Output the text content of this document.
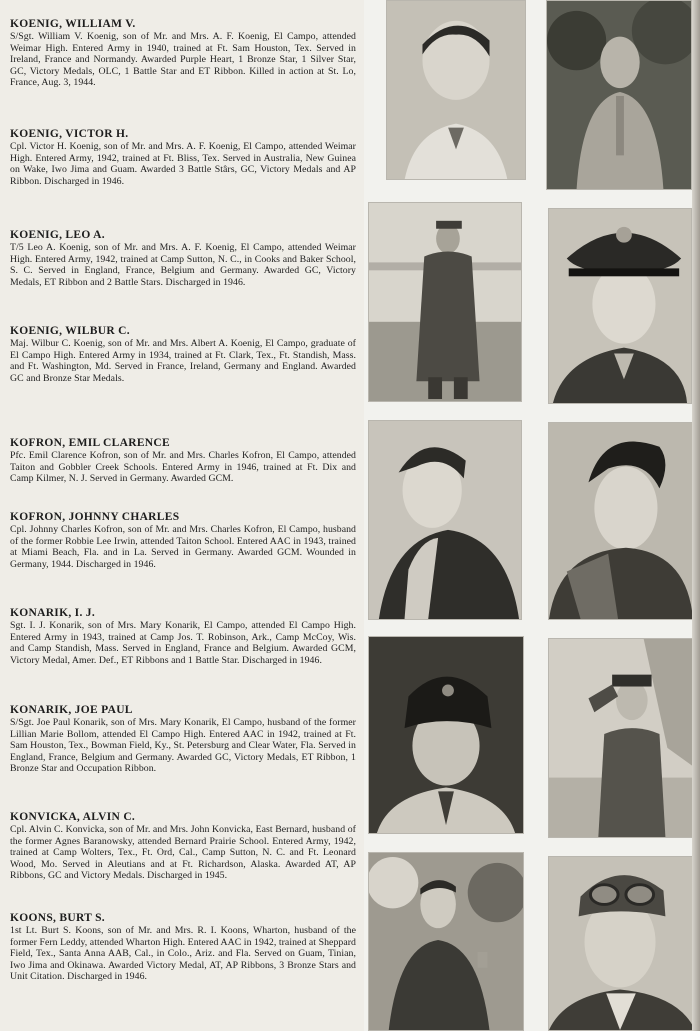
KOENIG, WILLIAM V.

S/Sgt. William V. Koenig, son of Mr. and Mrs. A. F. Koenig, El Campo, attended Weimar High. Entered Army in 1940, trained at Ft. Sam Houston, Tex. Served in Ireland, France and Normandy. Awarded Purple Heart, 1 Bronze Star, 1 Silver Star, GC, Victory Medals, OLC, 1 Battle Star and ET Ribbon. Killed in action at St. Lo, France, Aug. 3, 1944.

KOENIG, VICTOR H.

Cpl. Victor H. Koenig, son of Mr. and Mrs. A. F. Koenig, El Campo, attended Weimar High. Entered Army, 1942, trained at Ft. Bliss, Tex. Served in Australia, New Guinea on Wake, Iwo Jima and Guam. Awarded 3 Battle Stârs, GC, Victory Medals and AP Ribbon. Discharged in 1946.

KOENIG, LEO A.

T/5 Leo A. Koenig, son of Mr. and Mrs. A. F. Koenig, El Campo, attended Weimar High. Entered Army, 1942, trained at Camp Sutton, N. C., in Cooks and Baker School, S. C. Served in England, France, Belgium and Germany. Awarded GC, Victory Medals, ET Ribbon and 2 Battle Stars. Discharged in 1946.

KOENIG, WILBUR C.

Maj. Wilbur C. Koenig, son of Mr. and Mrs. Albert A. Koenig, El Campo, graduate of El Campo High. Entered Army in 1934, trained at Ft. Clark, Tex., Ft. Standish, Mass. and Ft. Washington, Md. Served in France, Ireland, Germany and England. Awarded GC and Bronze Star Medals.

KOFRON, EMIL CLARENCE

Pfc. Emil Clarence Kofron, son of Mr. and Mrs. Charles Kofron, El Campo, attended Taiton and Gobbler Creek Schools. Entered Army in 1946, trained at Ft. Dix and Camp Kilmer, N. J. Served in Germany. Awarded GCM.

KOFRON, JOHNNY CHARLES

Cpl. Johnny Charles Kofron, son of Mr. and Mrs. Charles Kofron, El Campo, husband of the former Robbie Lee Irwin, attended Taiton School. Entered AAC in 1943, trained at Miami Beach, Fla. and in La. Served in Germany. Awarded GCM. Wounded in Germany, 1944. Discharged in 1946.

KONARIK, I. J.

Sgt. I. J. Konarik, son of Mrs. Mary Konarik, El Campo, attended El Campo High. Entered Army in 1943, trained at Camp Jos. T. Robinson, Ark., Camp McCoy, Wis. and Camp Standish, Mass. Served in England, France and Belgium. Awarded GCM, Victory Medal, Amer. Def., ET Ribbons and 1 Battle Star. Discharged in 1946.

KONARIK, JOE PAUL

S/Sgt. Joe Paul Konarik, son of Mrs. Mary Konarik, El Campo, husband of the former Lillian Marie Bollom, attended El Campo High. Entered AAC in 1942, trained at Ft. Sam Houston, Tex., Bowman Field, Ky., St. Petersburg and Clear Water, Fla. Served in England, France, Belgium and Germany. Awarded GC, Victory Medals, ET Ribbon, 1 Bronze Star and Occupation Ribbon.

KONVICKA, ALVIN C.

Cpl. Alvin C. Konvicka, son of Mr. and Mrs. John Konvicka, East Bernard, husband of the former Agnes Baranowsky, attended Bernard Prairie School. Entered Army, 1942, trained at Camp Wolters, Tex., Ft. Ord, Cal., Camp Sutton, N. C. and Ft. Leonard Wood, Mo. Served in Aleutians and at Ft. Richardson, Alaska. Awarded AT, AP Ribbons, GC and Victory Medals. Discharged in 1945.

KOONS, BURT S.

1st Lt. Burt S. Koons, son of Mr. and Mrs. R. I. Koons, Wharton, husband of the former Fern Leddy, attended Wharton High. Entered AAC in 1942, trained at Sheppard Field, Tex., Santa Anna AAB, Cal., in Colo., Ariz. and Fla. Served on Guam, Tinian, Iwo Jima and Okinawa. Awarded Victory Medal, AT, AP Ribbons, 3 Bronze Stars and Unit Citation. Discharged in 1946.
